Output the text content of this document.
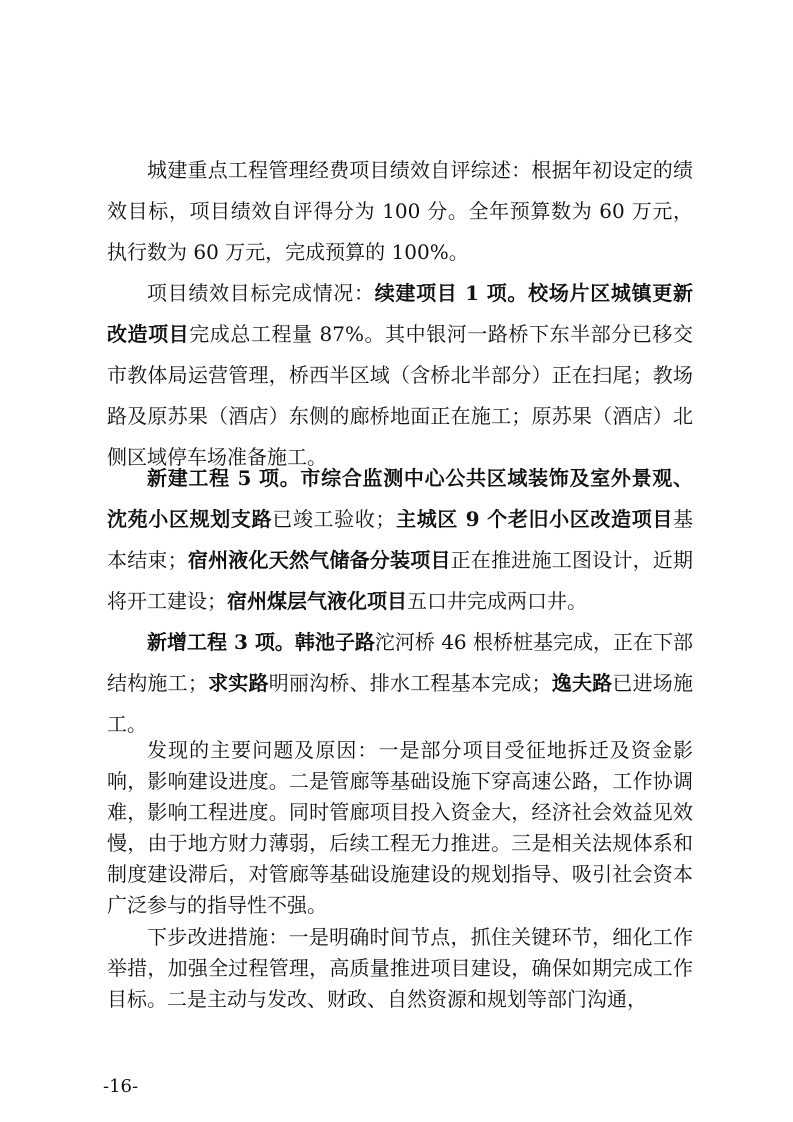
城建重点工程管理经费项目绩效自评综述：根据年初设定的绩效目标，项目绩效自评得分为 100 分。全年预算数为 60 万元，执行数为 60 万元，完成预算的 100%。

项目绩效目标完成情况：续建项目 1 项。校场片区城镇更新改造项目完成总工程量 87%。其中银河一路桥下东半部分已移交市教体局运营管理，桥西半区域（含桥北半部分）正在扫尾；教场路及原苏果（酒店）东侧的廊桥地面正在施工；原苏果（酒店）北侧区域停车场准备施工。

新建工程 5 项。市综合监测中心公共区域装饰及室外景观、沈苑小区规划支路已竣工验收；主城区 9 个老旧小区改造项目基本结束；宿州液化天然气储备分装项目正在推进施工图设计，近期将开工建设；宿州煤层气液化项目五口井完成两口井。

新增工程 3 项。韩池子路沱河桥 46 根桥桩基完成，正在下部结构施工；求实路明丽沟桥、排水工程基本完成；逸夫路已进场施工。

发现的主要问题及原因：一是部分项目受征地拆迁及资金影响，影响建设进度。二是管廊等基础设施下穿高速公路，工作协调难，影响工程进度。同时管廊项目投入资金大，经济社会效益见效慢，由于地方财力薄弱，后续工程无力推进。三是相关法规体系和制度建设滞后，对管廊等基础设施建设的规划指导、吸引社会资本广泛参与的指导性不强。

下步改进措施：一是明确时间节点，抓住关键环节，细化工作举措，加强全过程管理，高质量推进项目建设，确保如期完成工作目标。二是主动与发改、财政、自然资源和规划等部门沟通，

-16-
